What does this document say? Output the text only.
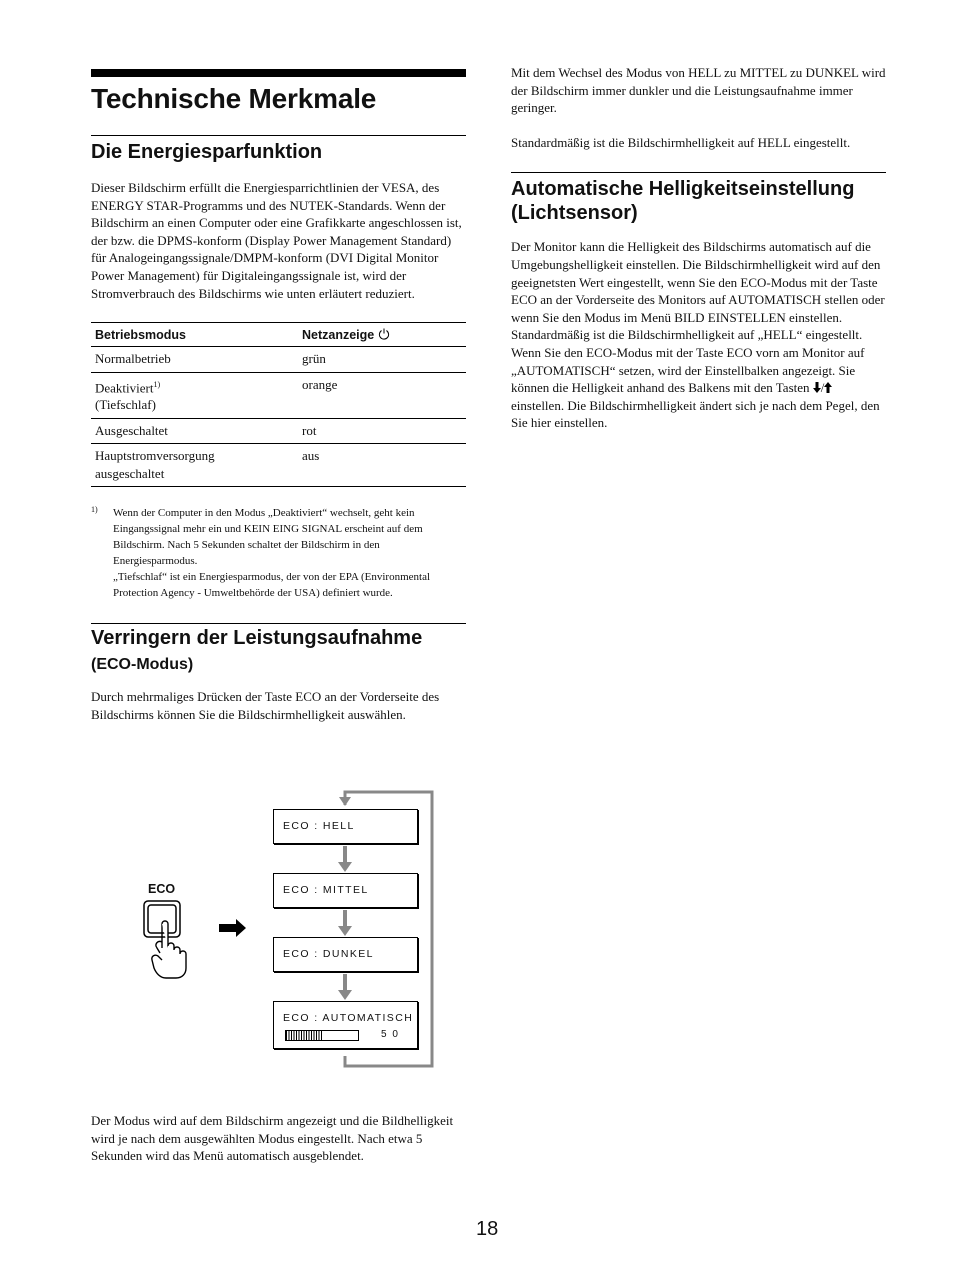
Technische Merkmale
Die Energiesparfunktion

Dieser Bildschirm erfüllt die Energiesparrichtlinien der VESA, des ENERGY STAR-Programms und des NUTEK-Standards. Wenn der Bildschirm an einen Computer oder eine Grafikkarte angeschlossen ist, der bzw. die DPMS-konform (Display Power Management Standard) für Analogeingangssignale/DMPM-konform (DVI Digital Monitor Power Management) für Digitaleingangssignale ist, wird der Stromverbrauch des Bildschirms wie unten erläutert reduziert.

Betriebsmodus	Netzanzeige
Normalbetrieb	grün
Deaktiviert$^{1)}$
(Tiefschlaf)	orange
Ausgeschaltet	rot
Hauptstromversorgung
ausgeschaltet	aus
1) Wenn der Computer in den Modus „Deaktiviert“ wechselt, geht kein Eingangssignal mehr ein und KEIN EING SIGNAL erscheint auf dem Bildschirm. Nach 5 Sekunden schaltet der Bildschirm in den Energiesparmodus.
„Tiefschlaf“ ist ein Energiesparmodus, der von der EPA (Environmental Protection Agency - Umweltbehörde der USA) definiert wurde.
Verringern der Leistungsaufnahme
(ECO-Modus)

Durch mehrmaliges Drücken der Taste ECO an der Vorderseite des Bildschirms können Sie die Bildschirmhelligkeit auswählen.

ECO
ECO : HELL
ECO : MITTEL
ECO : DUNKEL
ECO : AUTOMATISCH
5 0

Der Modus wird auf dem Bildschirm angezeigt und die Bildhelligkeit wird je nach dem ausgewählten Modus eingestellt. Nach etwa 5 Sekunden wird das Menü automatisch ausgeblendet.

Mit dem Wechsel des Modus von HELL zu MITTEL zu DUNKEL wird der Bildschirm immer dunkler und die Leistungsaufnahme immer geringer.

Standardmäßig ist die Bildschirmhelligkeit auf HELL eingestellt.

Automatische Helligkeitseinstellung (Lichtsensor)

Der Monitor kann die Helligkeit des Bildschirms automatisch auf die Umgebungshelligkeit einstellen. Die Bildschirmhelligkeit wird auf den geeignetsten Wert eingestellt, wenn Sie den ECO-Modus mit der Taste ECO an der Vorderseite des Monitors auf AUTOMATISCH stellen oder wenn Sie den Modus im Menü BILD EINSTELLEN einstellen. Standardmäßig ist die Bildschirmhelligkeit auf „HELL“ eingestellt. Wenn Sie den ECO-Modus mit der Taste ECO vorn am Monitor auf „AUTOMATISCH“ setzen, wird der Einstellbalken angezeigt. Sie können die Helligkeit anhand des Balkens mit den Tasten / einstellen. Die Bildschirmhelligkeit ändert sich je nach dem Pegel, den Sie hier einstellen.

18
